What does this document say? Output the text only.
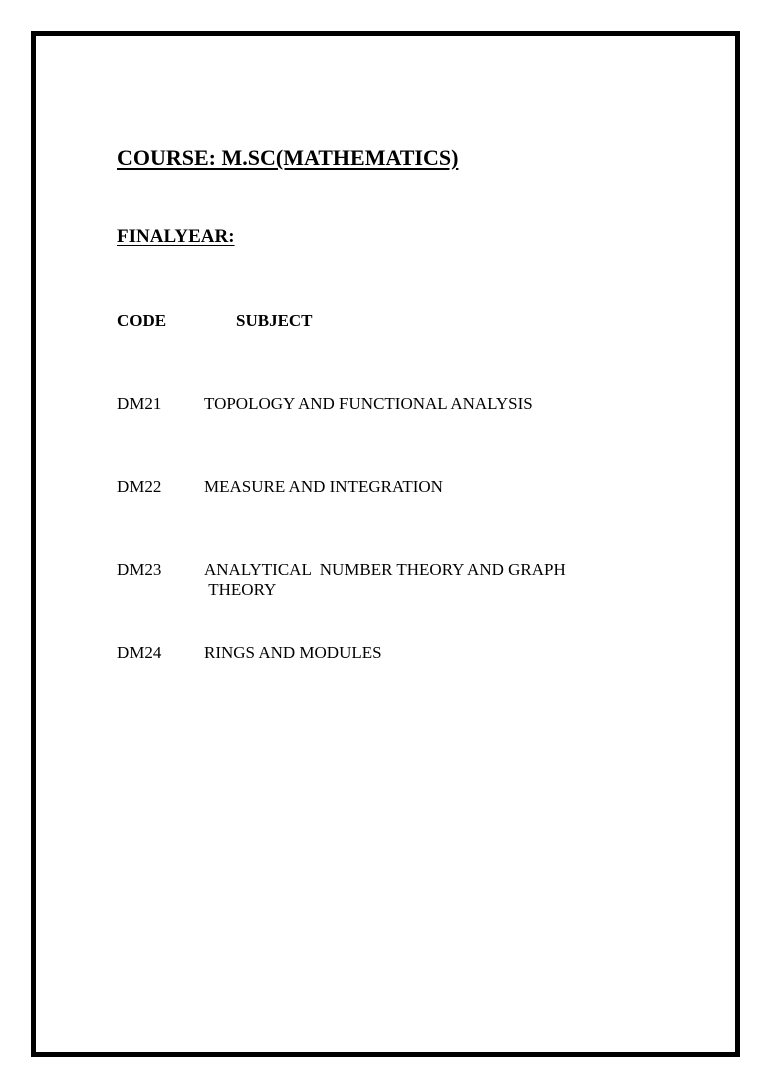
COURSE: M.SC(MATHEMATICS)
FINALYEAR:
CODE	SUBJECT
DM21	TOPOLOGY AND FUNCTIONAL ANALYSIS
DM22	MEASURE AND INTEGRATION
DM23	ANALYTICAL  NUMBER THEORY AND GRAPH
THEORY
DM24	RINGS AND MODULES
